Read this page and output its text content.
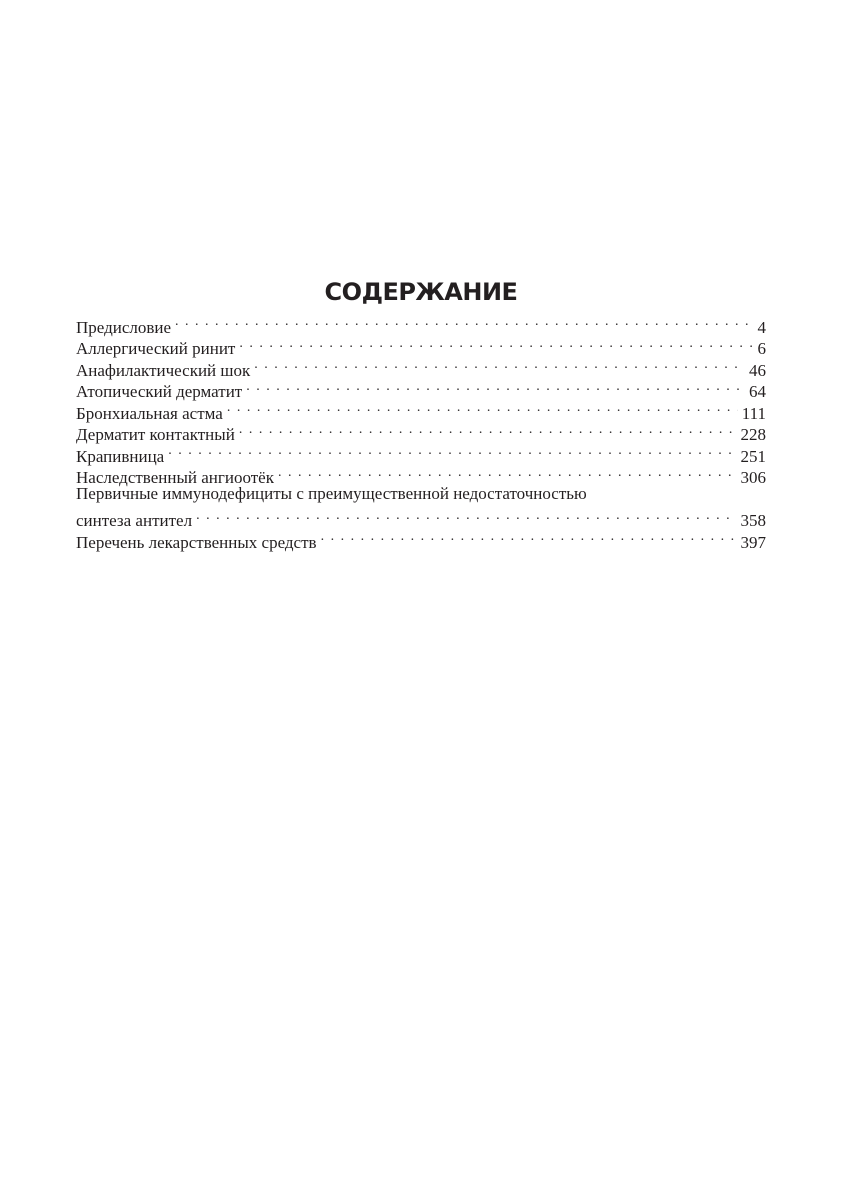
СОДЕРЖАНИЕ
Предисловие . . .	4
Аллергический ринит . . .	6
Анафилактический шок . . .	46
Атопический дерматит . . .	64
Бронхиальная астма . . .	111
Дерматит контактный . . .	228
Крапивница . . .	251
Наследственный ангиоотёк . . .	306
Первичные иммунодефициты с преимущественной недостаточностью
синтеза антител . . .	358
Перечень лекарственных средств . . .	397
